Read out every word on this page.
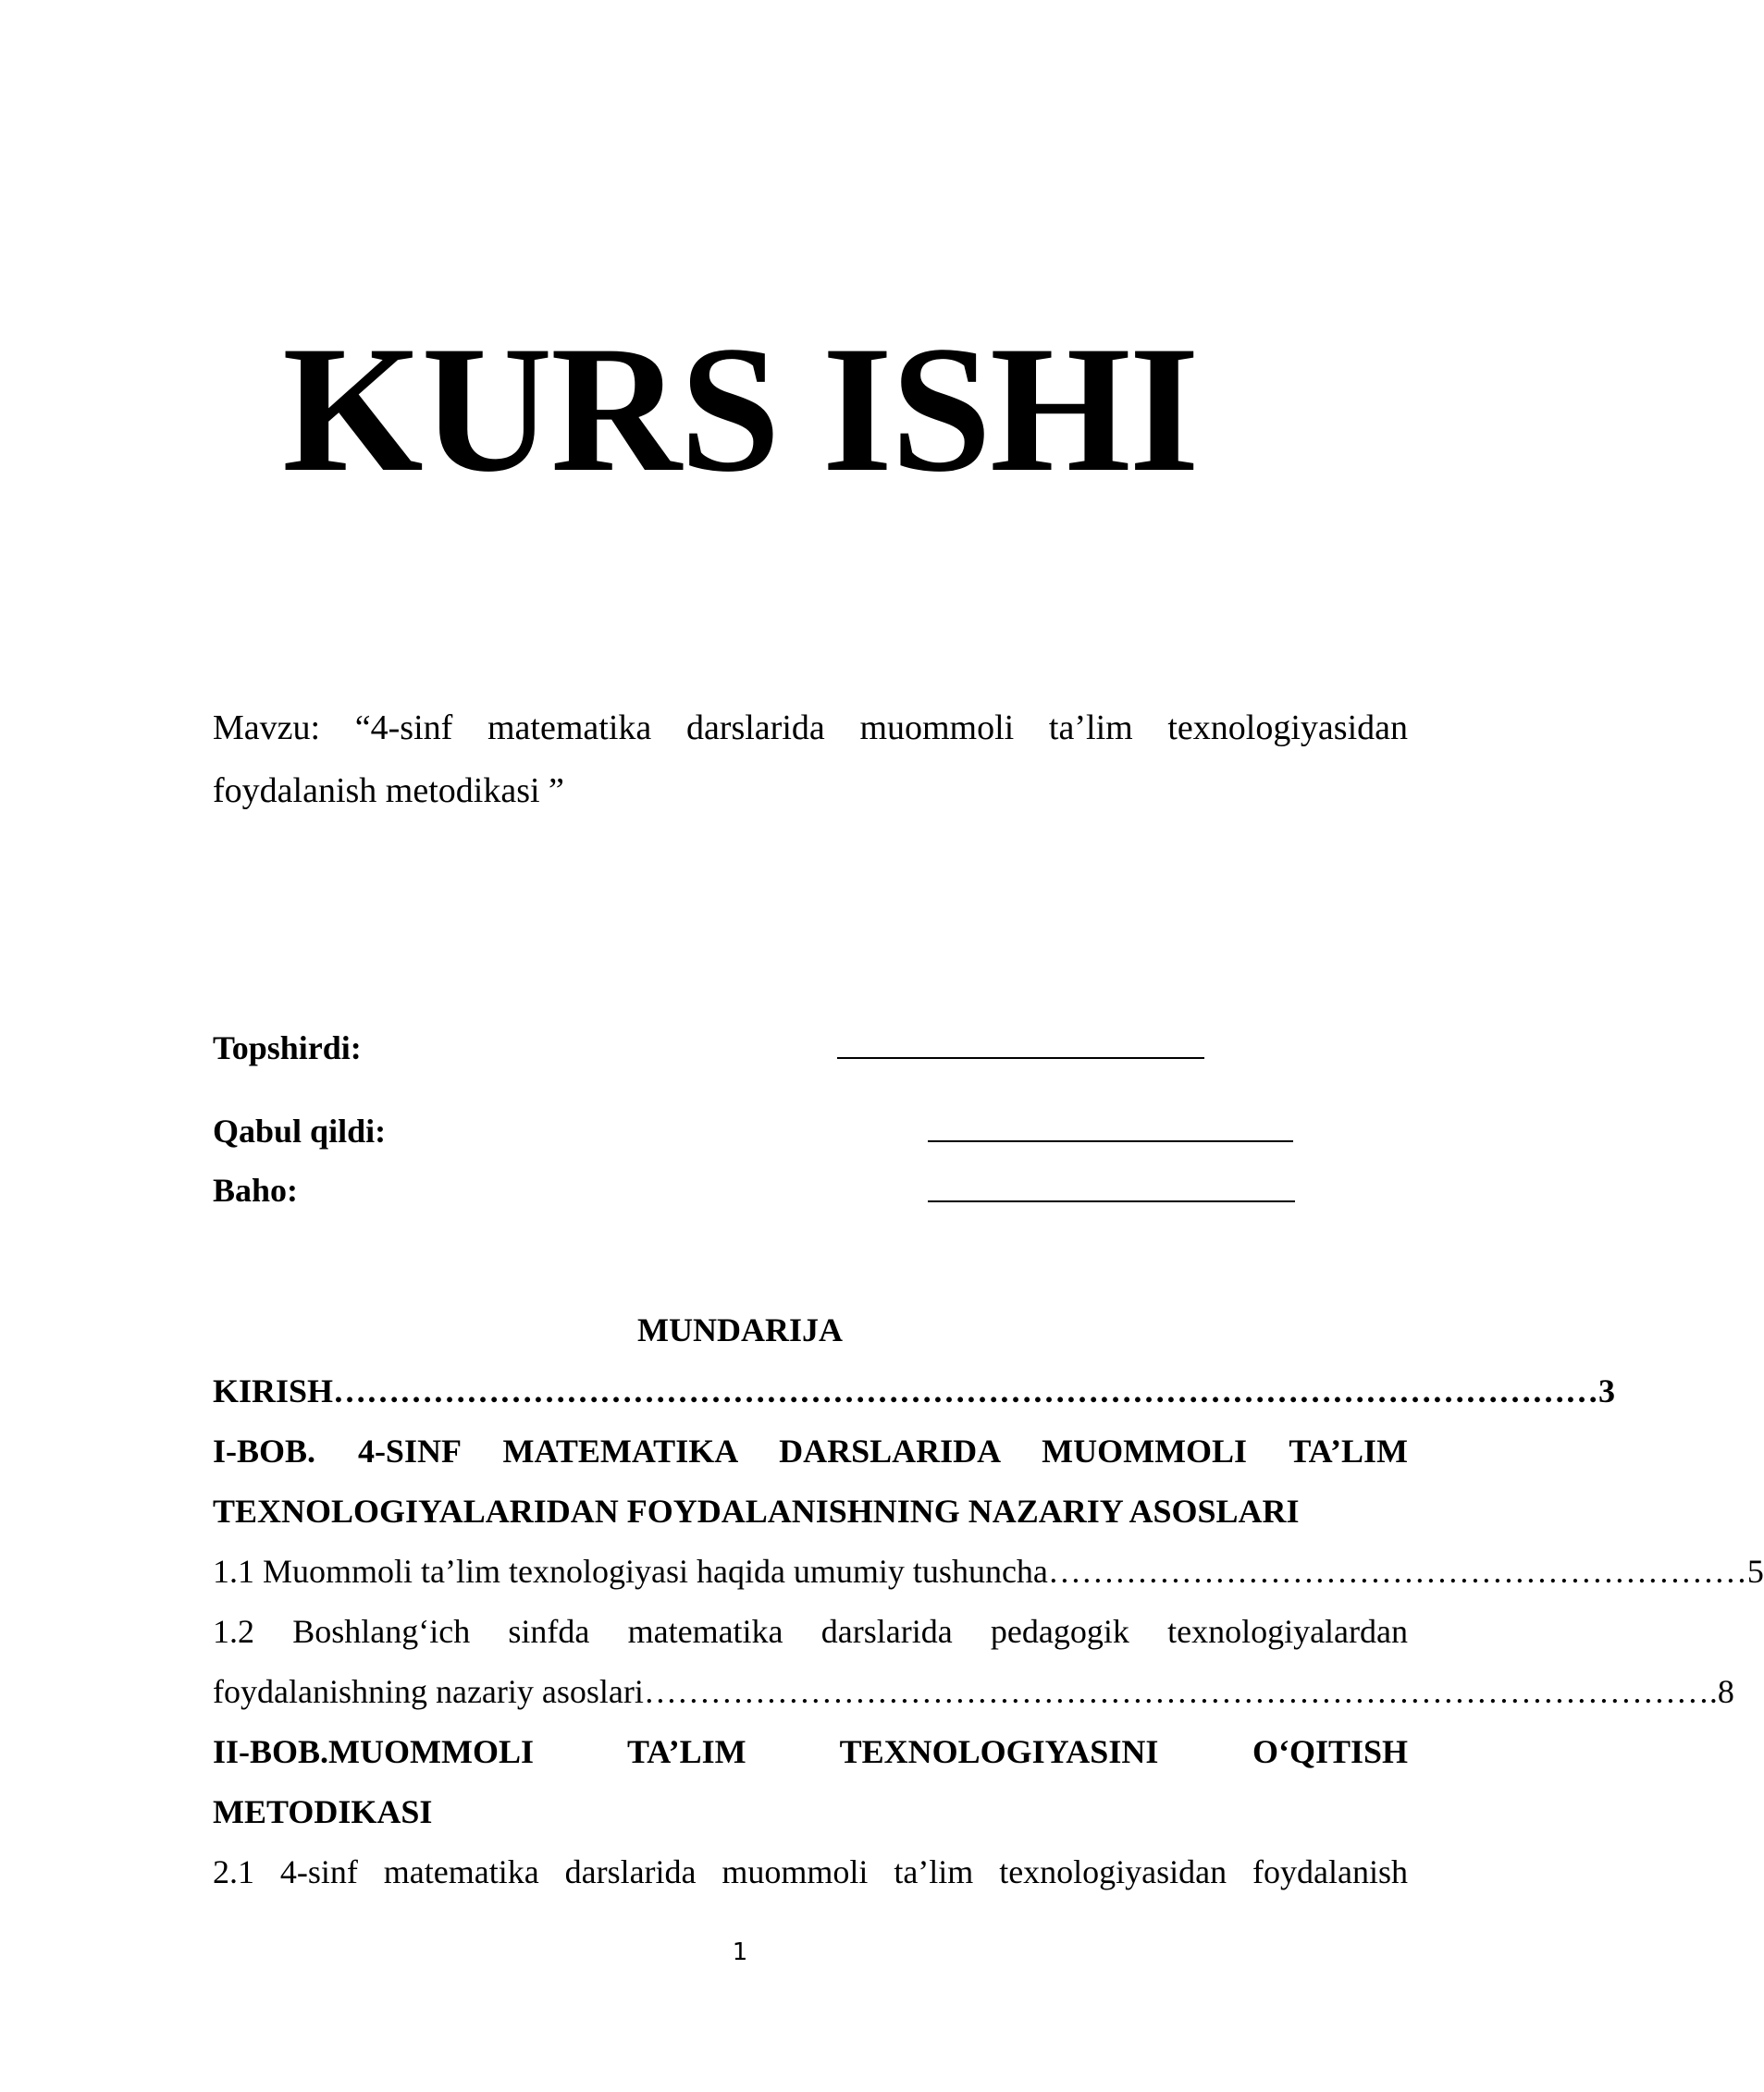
KURS ISHI
Mavzu: “4-sinf matematika darslarida muommoli ta’lim texnologiyasidan foydalanish metodikasi ”
Topshirdi:
Qabul qildi:
Baho:
MUNDARIJA
KIRISH …………………………………………………………………………………………………… 3
I-BOB. 4-SINF MATEMATIKA DARSLARIDA MUOMMOLI TA’LIM
TEXNOLOGIYALARIDAN FOYDALANISHNING NAZARIY ASOSLARI
1.1 Muommoli ta’lim texnologiyasi haqida umumiy tushuncha ……………………………………………………… 5
1.2 Boshlang‘ich sinfda matematika darslarida pedagogik texnologiyalardan
foydalanishning nazariy asoslari ……………………………………………………………………………………. 8
II-BOB.MUOMMOLI TA’LIM TEXNOLOGIYASINI O‘QITISH
METODIKASI
2.1 4-sinf matematika darslarida muommoli ta’lim texnologiyasidan foydalanish
1
